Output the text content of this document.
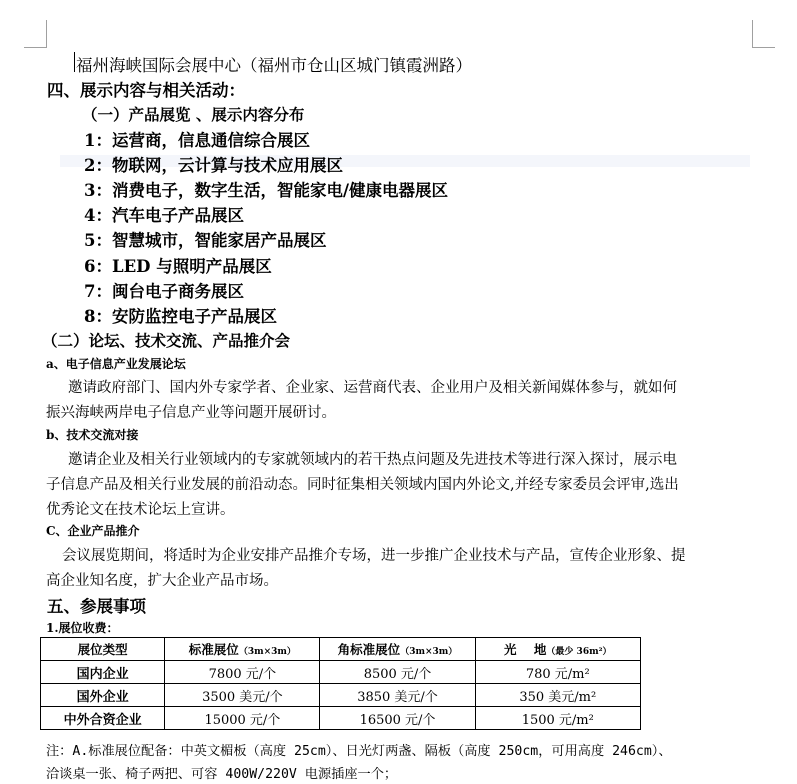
福州海峡国际会展中心（福州市仓山区城门镇霞洲路）
四、展示内容与相关活动：
（一）产品展览 、展示内容分布
1：运营商，信息通信综合展区
2：物联网，云计算与技术应用展区
3：消费电子，数字生活，智能家电/健康电器展区
4：汽车电子产品展区
5：智慧城市，智能家居产品展区
6：LED 与照明产品展区
7：闽台电子商务展区
8：安防监控电子产品展区
（二）论坛、技术交流、产品推介会
a、电子信息产业发展论坛
邀请政府部门、国内外专家学者、企业家、运营商代表、企业用户及相关新闻媒体参与，就如何
振兴海峡两岸电子信息产业等问题开展研讨。
b、技术交流对接
邀请企业及相关行业领域内的专家就领域内的若干热点问题及先进技术等进行深入探讨，展示电
子信息产品及相关行业发展的前沿动态。同时征集相关领域内国内外论文,并经专家委员会评审,选出
优秀论文在技术论坛上宣讲。
C、企业产品推介
会议展览期间，将适时为企业安排产品推介专场，进一步推广企业技术与产品，宣传企业形象、提
高企业知名度，扩大企业产品市场。
五、参展事项
1.展位收费：
展位类型	标准展位（3m×3m）	角标准展位（3m×3m）	光    地（最少 36m²）
国内企业	7800 元/个	8500 元/个	780 元/m²
国外企业	3500 美元/个	3850 美元/个	350 美元/m²
中外合资企业	15000 元/个	16500 元/个	1500 元/m²
注：A.标准展位配备：中英文楣板（高度 25cm）、日光灯两盏、隔板（高度 250cm，可用高度 246cm）、
洽谈桌一张、椅子两把、可容 400W/220V 电源插座一个；
